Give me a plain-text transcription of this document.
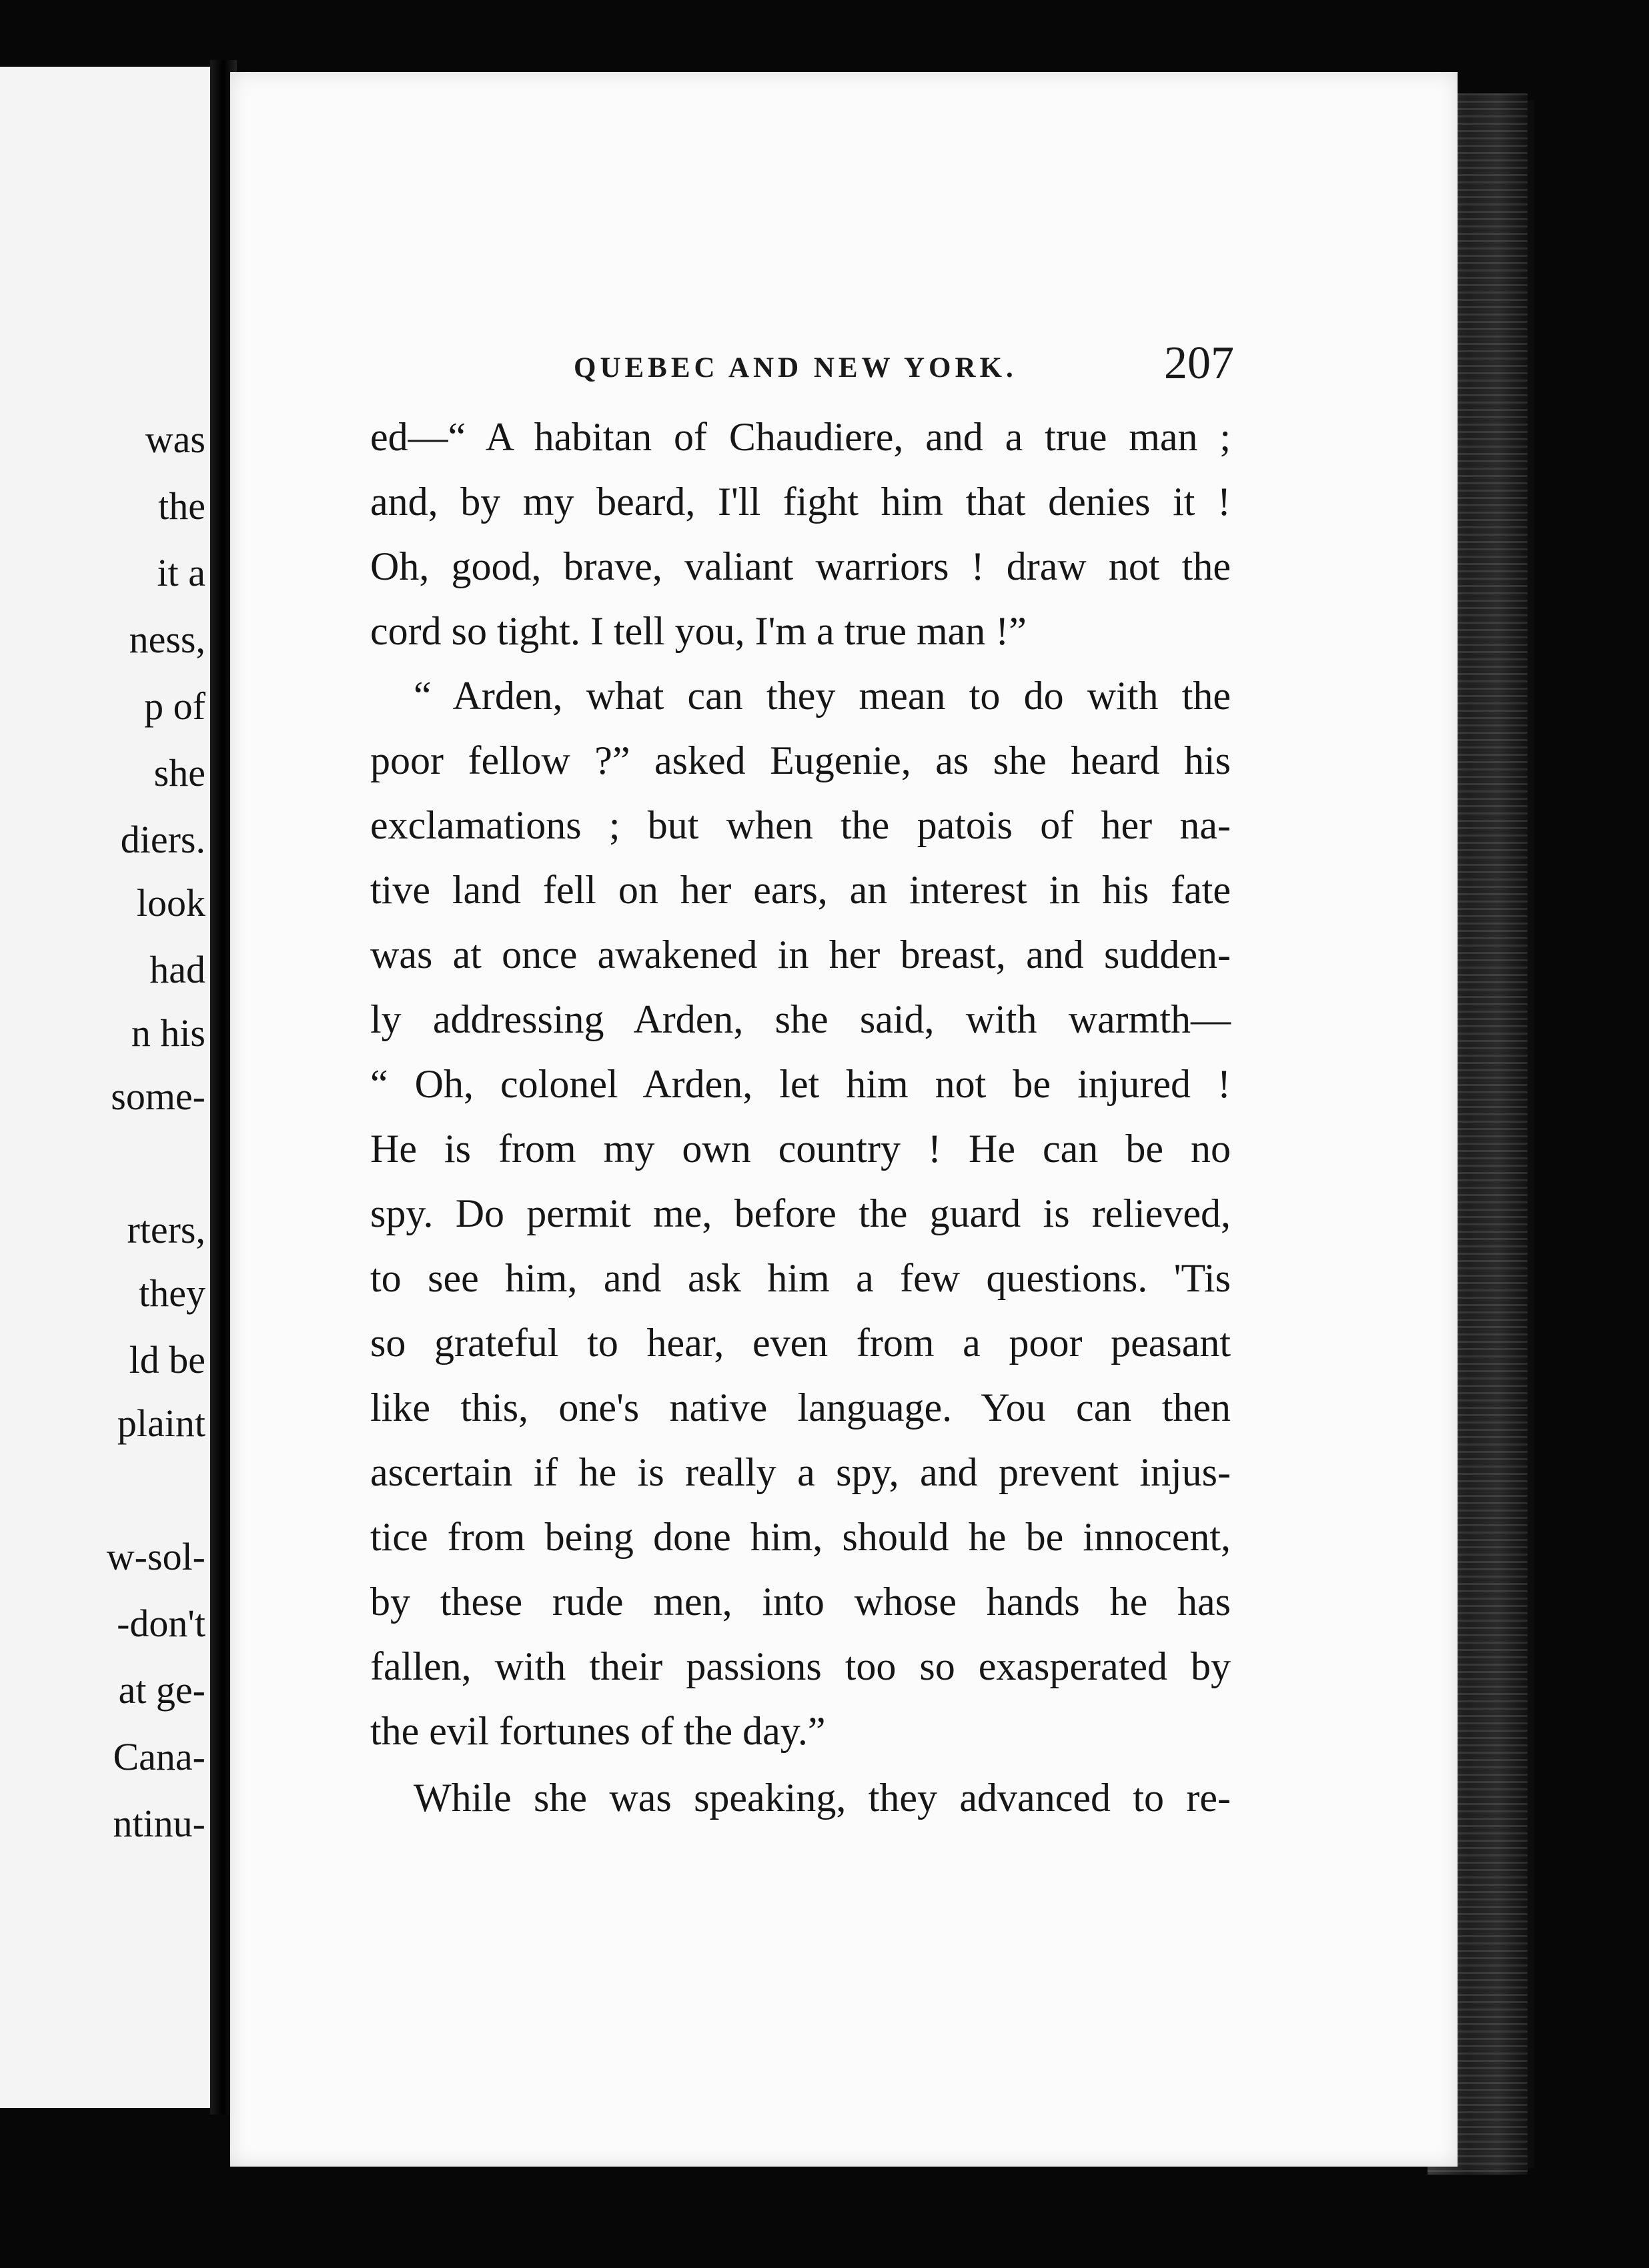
was
the
it a
ness,
p of
she
diers.
look
had
n his
some-
rters,
they
ld be
plaint
w-sol-
-don't
at ge-
Cana-
ntinu-
QUEBEC AND NEW YORK.	207
ed—“ A habitan of Chaudiere, and a true man ;
and, by my beard, I'll fight him that denies it !
Oh, good, brave, valiant warriors ! draw not the
cord so tight. I tell you, I'm a true man !”
“ Arden, what can they mean to do with the
poor fellow ?” asked Eugenie, as she heard his
exclamations ; but when the patois of her na-
tive land fell on her ears, an interest in his fate
was at once awakened in her breast, and sudden-
ly addressing Arden, she said, with warmth—
“ Oh, colonel Arden, let him not be injured !
He is from my own country ! He can be no
spy. Do permit me, before the guard is relieved,
to see him, and ask him a few questions. 'Tis
so grateful to hear, even from a poor peasant
like this, one's native language. You can then
ascertain if he is really a spy, and prevent injus-
tice from being done him, should he be innocent,
by these rude men, into whose hands he has
fallen, with their passions too so exasperated by
the evil fortunes of the day.”
While she was speaking, they advanced to re-
